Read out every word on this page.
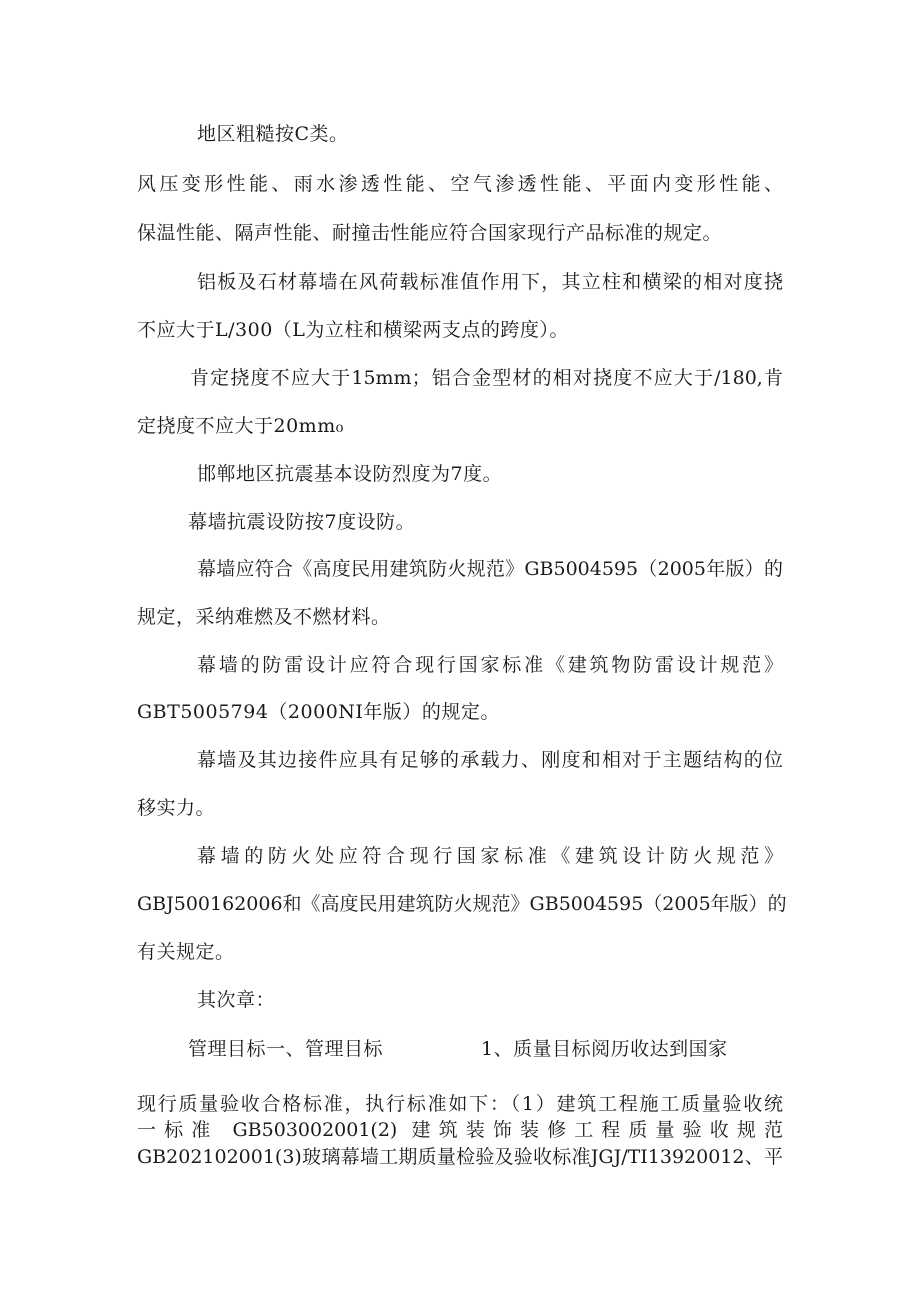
地区粗糙按C类。
风压变形性能、雨水渗透性能、空气渗透性能、平面内变形性能、
保温性能、隔声性能、耐撞击性能应符合国家现行产品标准的规定。
铝板及石材幕墙在风荷载标准值作用下，其立柱和横梁的相对度挠
不应大于L/300（L为立柱和横梁两支点的跨度）。
肯定挠度不应大于15mm；铝合金型材的相对挠度不应大于/180,肯
定挠度不应大于20mm₀
邯郸地区抗震基本设防烈度为7度。
幕墙抗震设防按7度设防。
幕墙应符合《高度民用建筑防火规范》GB5004595（2005年版）的
规定，采纳难燃及不燃材料。
幕墙的防雷设计应符合现行国家标准《建筑物防雷设计规范》
GBT5005794（2000NI年版）的规定。
幕墙及其边接件应具有足够的承载力、刚度和相对于主题结构的位
移实力。
幕墙的防火处应符合现行国家标准《建筑设计防火规范》
GBJ500162006和《高度民用建筑防火规范》GB5004595（2005年版）的
有关规定。
其次章：
管理目标一、管理目标	1、质量目标阅历收达到国家
现行质量验收合格标准，执行标准如下：（1）建筑工程施工质量验收统
一标准 GB503002001(2) 建筑装饰装修工程质量验收规范
GB202102001(3)玻璃幕墙工期质量检验及验收标准JGJ/TI13920012、平
